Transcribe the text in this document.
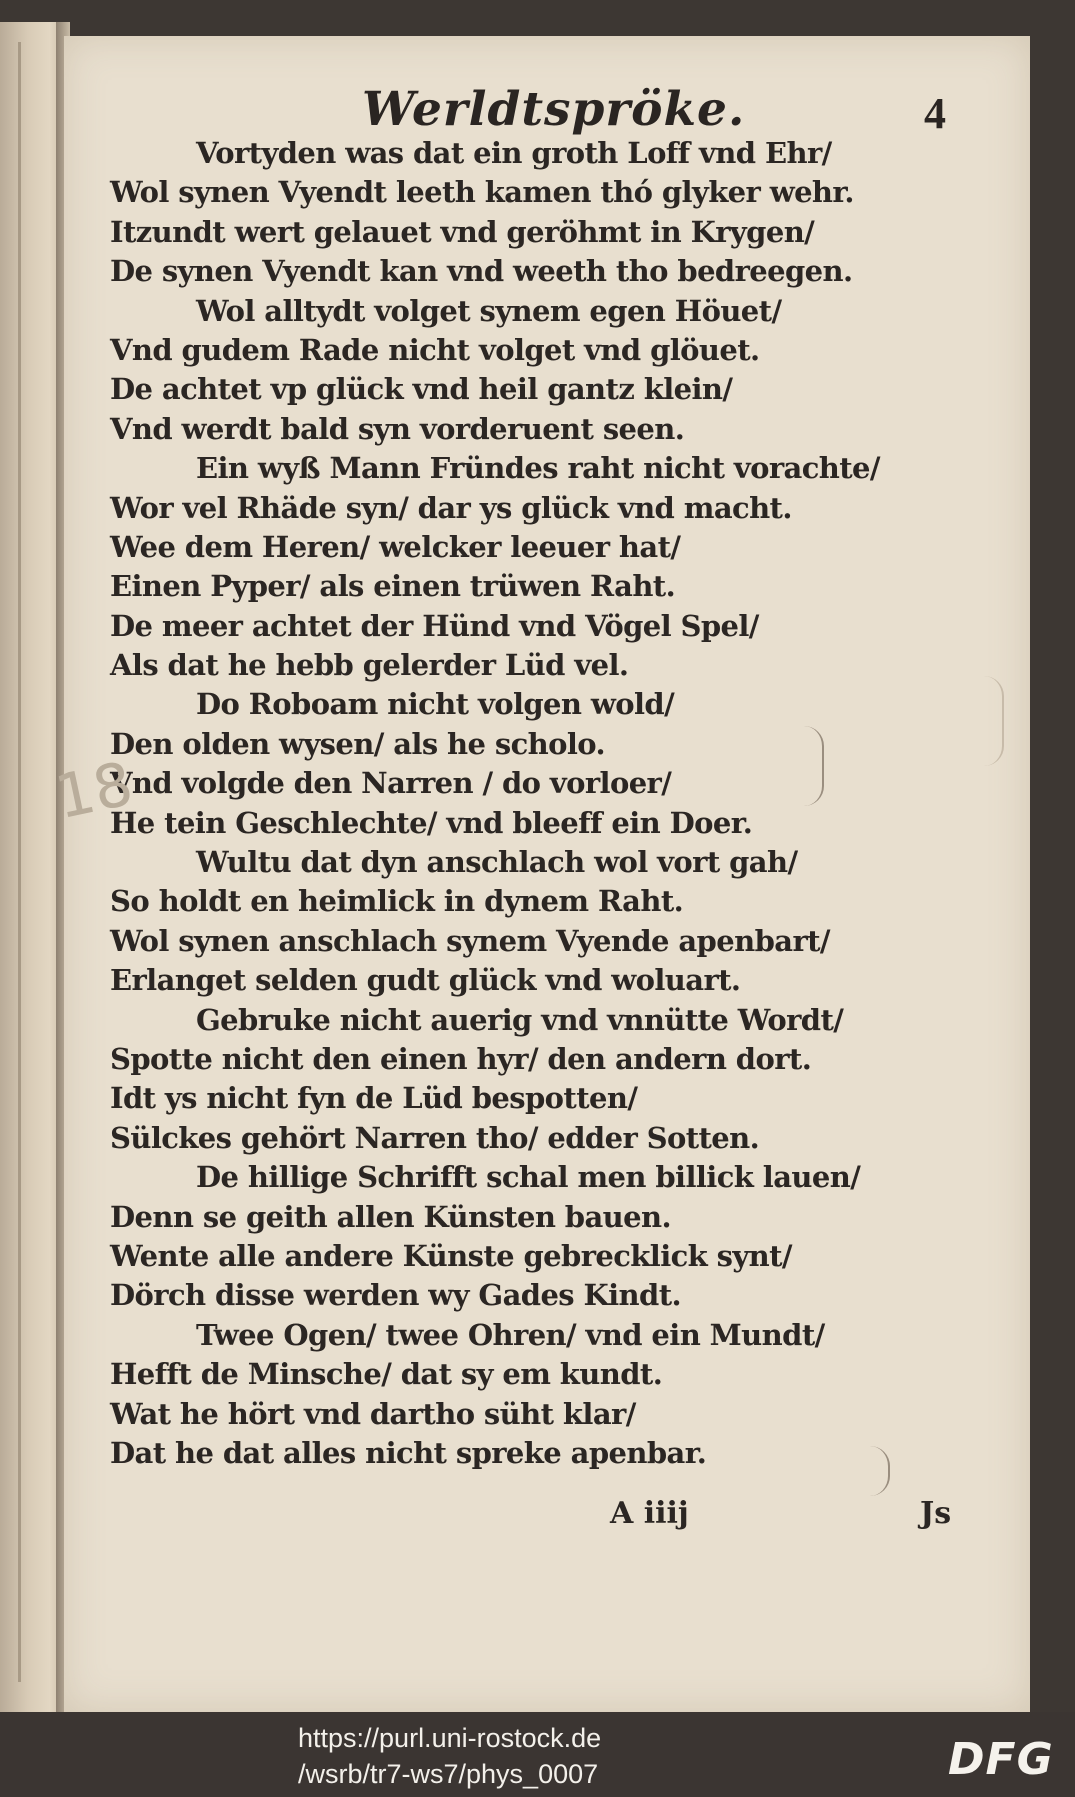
Werldtspröke.	4
Vortyden was dat ein groth Loff vnd Ehr/
Wol synen Vyendt leeth kamen thó glyker wehr.
Itzundt wert gelauet vnd geröhmt in Krygen/
De synen Vyendt kan vnd weeth tho bedreegen.
Wol alltydt volget synem egen Höuet/
Vnd gudem Rade nicht volget vnd glöuet.
De achtet vp glück vnd heil gantz klein/
Vnd werdt bald syn vorderuent seen.
Ein wyß Mann Fründes raht nicht vorachte/
Wor vel Rhäde syn/ dar ys glück vnd macht.
Wee dem Heren/ welcker leeuer hat/
Einen Pyper/ als einen trüwen Raht.
De meer achtet der Hünd vnd Vögel Spel/
Als dat he hebb gelerder Lüd vel.
Do Roboam nicht volgen wold/
Den olden wysen/ als he scholo.
Vnd volgde den Narren / do vorloer/
He tein Geschlechte/ vnd bleeff ein Doer.
Wultu dat dyn anschlach wol vort gah/
So holdt en heimlick in dynem Raht.
Wol synen anschlach synem Vyende apenbart/
Erlanget selden gudt glück vnd woluart.
Gebruke nicht auerig vnd vnnütte Wordt/
Spotte nicht den einen hyr/ den andern dort.
Idt ys nicht fyn de Lüd bespotten/
Sülckes gehört Narren tho/ edder Sotten.
De hillige Schrifft schal men billick lauen/
Denn se geith allen Künsten bauen.
Wente alle andere Künste gebrecklick synt/
Dörch disse werden wy Gades Kindt.
Twee Ogen/ twee Ohren/ vnd ein Mundt/
Hefft de Minsche/ dat sy em kundt.
Wat he hört vnd dartho süht klar/
Dat he dat alles nicht spreke apenbar.
A iiij	Js
18
https://purl.uni-rostock.de
/wsrb/tr7-ws7/phys_0007	DFG
